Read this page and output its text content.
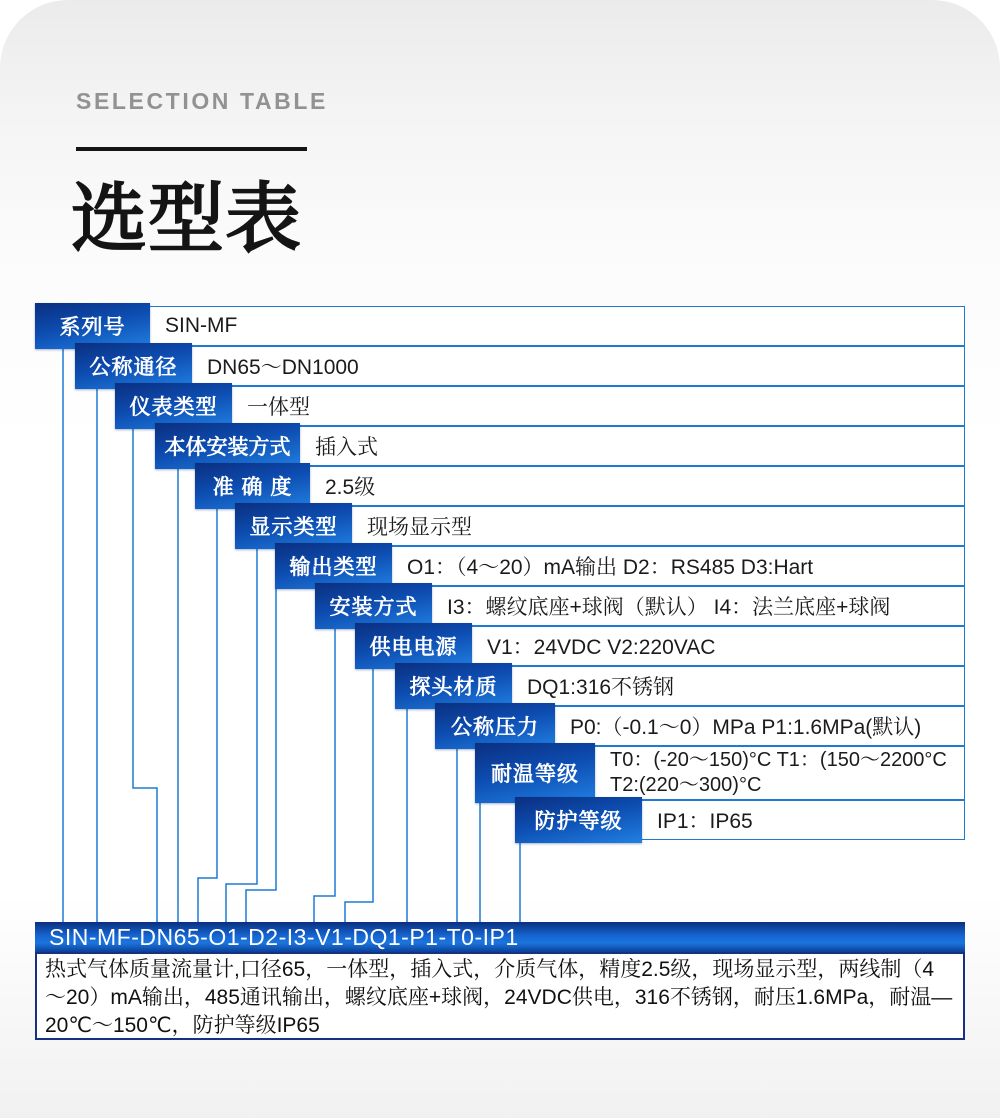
SELECTION TABLE
选型表
SIN-MF
系列号
DN65～DN1000
公称通径
一体型
仪表类型
插入式
本体安装方式
2.5级
准 确 度
现场显示型
显示类型
O1：（4～20）mA输出 D2：RS485 D3:Hart
输出类型
I3：螺纹底座+球阀（默认） I4：法兰底座+球阀
安装方式
V1：24VDC V2:220VAC
供电电源
DQ1:316不锈钢
探头材质
P0:（-0.1～0）MPa P1:1.6MPa(默认)
公称压力
T0：(-20～150)°C T1：(150～2200°C
T2:(220～300)°C
耐温等级
IP1：IP65
防护等级
SIN-MF-DN65-O1-D2-I3-V1-DQ1-P1-T0-IP1
热式气体质量流量计,口径65，一体型，插入式，介质气体，精度2.5级，现场显示型，两线制（4～20）mA输出，485通讯输出，螺纹底座+球阀，24VDC供电，316不锈钢，耐压1.6MPa，耐温—20℃～150℃，防护等级IP65
